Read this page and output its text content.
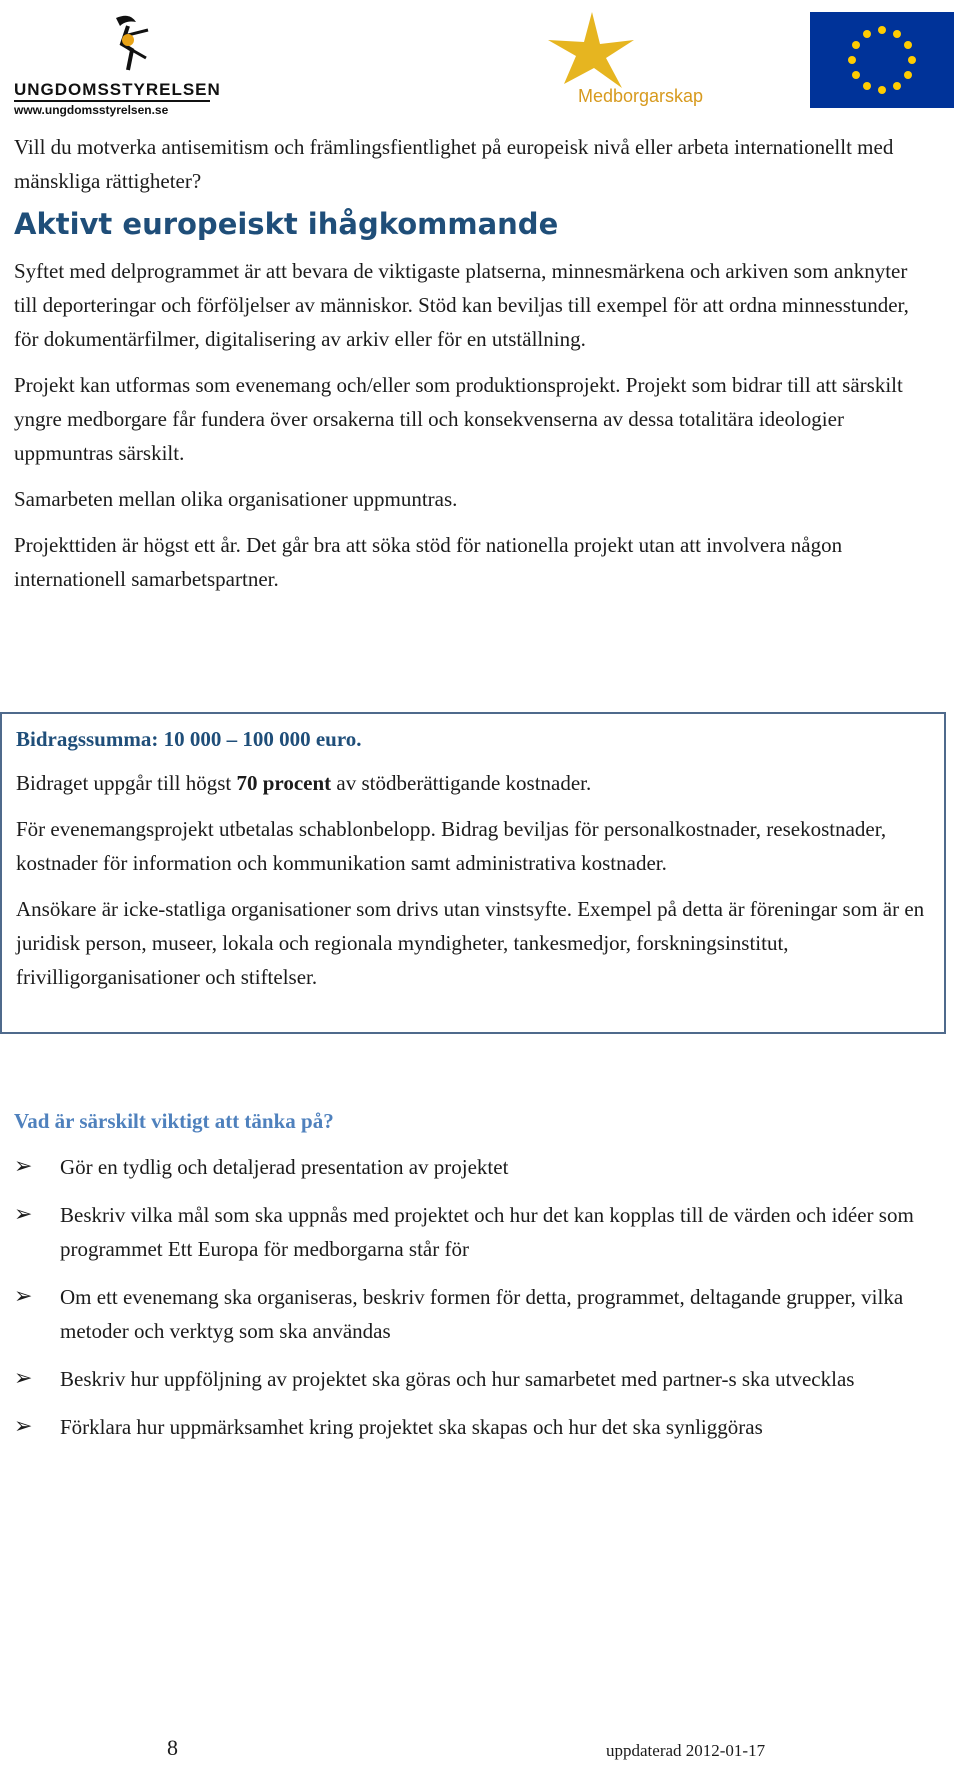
UNGDOMSSTYRELSEN
www.ungdomsstyrelsen.se
Medborgarskap

Vill du motverka antisemitism och främlingsfientlighet på europeisk nivå eller arbeta internationellt med mänskliga rättigheter?

Aktivt europeiskt ihågkommande

Syftet med delprogrammet är att bevara de viktigaste platserna, minnesmärkena och arkiven som anknyter till deporteringar och förföljelser av människor. Stöd kan beviljas till exempel för att ordna minnesstunder, för dokumentärfilmer, digitalisering av arkiv eller för en utställning.

Projekt kan utformas som evenemang och/eller som produktionsprojekt. Projekt som bidrar till att särskilt yngre medborgare får fundera över orsakerna till och konsekvenserna av dessa totalitära ideologier uppmuntras särskilt.

Samarbeten mellan olika organisationer uppmuntras.

Projekttiden är högst ett år. Det går bra att söka stöd för nationella projekt utan att involvera någon internationell samarbetspartner.

Bidragssumma: 10 000 – 100 000 euro.

Bidraget uppgår till högst 70 procent av stödberättigande kostnader.

För evenemangsprojekt utbetalas schablonbelopp. Bidrag beviljas för personalkostnader, resekostnader, kostnader för information och kommunikation samt administrativa kostnader.

Ansökare är icke-statliga organisationer som drivs utan vinstsyfte. Exempel på detta är föreningar som är en juridisk person, museer, lokala och regionala myndigheter, tankesmedjor, forskningsinstitut, frivilligorganisationer och stiftelser.

Vad är särskilt viktigt att tänka på?
➢ Gör en tydlig och detaljerad presentation av projektet
➢ Beskriv vilka mål som ska uppnås med projektet och hur det kan kopplas till de värden och idéer som programmet Ett Europa för medborgarna står för
➢ Om ett evenemang ska organiseras, beskriv formen för detta, programmet, deltagande grupper, vilka metoder och verktyg som ska användas
➢ Beskriv hur uppföljning av projektet ska göras och hur samarbetet med partner-s ska utvecklas
➢ Förklara hur uppmärksamhet kring projektet ska skapas och hur det ska synliggöras
8	uppdaterad 2012-01-17
